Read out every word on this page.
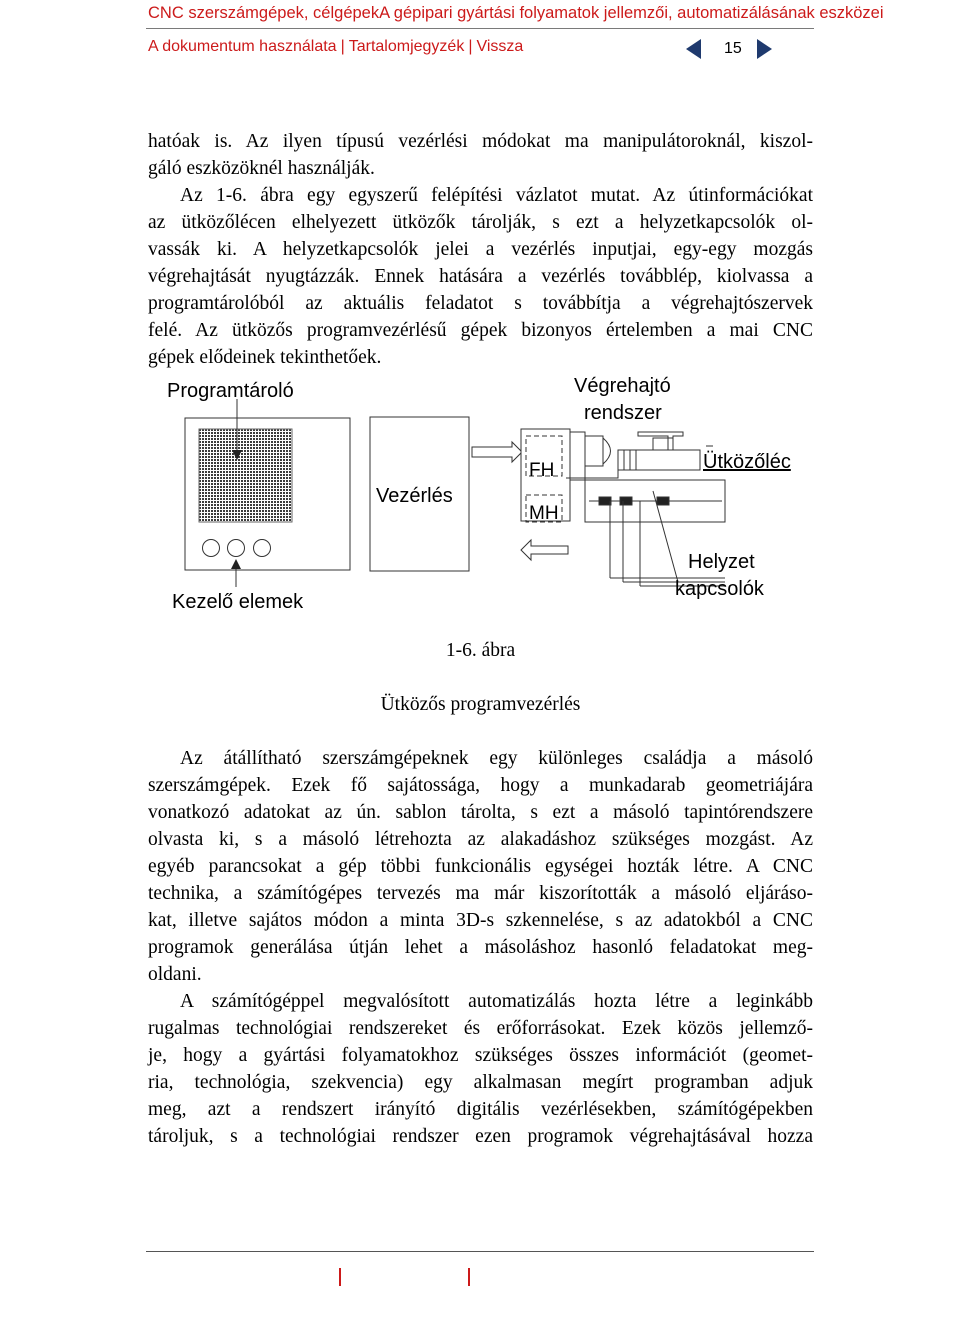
CNC szerszámgépek, célgépekA gépipari gyártási folyamatok jellemzői, automatizálásának eszközei
A dokumentum használata | Tartalomjegyzék | Vissza	15
hatóak is. Az ilyen típusú vezérlési módokat ma manipulátoroknál, kiszol-
gáló eszközöknél használják.
Az 1-6. ábra egy egyszerű felépítési vázlatot mutat. Az útinformációkat
az ütközőlécen elhelyezett ütközők tárolják, s ezt a helyzetkapcsolók ol-
vassák ki. A helyzetkapcsolók jelei a vezérlés inputjai, egy-egy mozgás
végrehajtását nyugtázzák. Ennek hatására a vezérlés továbblép, kiolvassa a
programtárolóból az aktuális feladatot s továbbítja a végrehajtószervek
felé. Az ütközős programvezérlésű gépek bizonyos értelemben a mai CNC
gépek elődeinek tekinthetőek.
Programtároló	Végrehajtó
rendszer
Ütközőléc
Vezérlés
FH
MH
Helyzet
kapcsolók
Kezelő elemek
1-6. ábra
Ütközős programvezérlés
Az átállítható szerszámgépeknek egy különleges családja a másoló
szerszámgépek. Ezek fő sajátossága, hogy a munkadarab geometriájára
vonatkozó adatokat az ún. sablon tárolta, s ezt a másoló tapintórendszere
olvasta ki, s a másoló létrehozta az alakadáshoz szükséges mozgást. Az
egyéb parancsokat a gép többi funkcionális egységei hozták létre. A CNC
technika, a számítógépes tervezés ma már kiszorították a másoló eljáráso-
kat, illetve sajátos módon a minta 3D-s szkennelése, s az adatokból a CNC
programok generálása útján lehet a másoláshoz hasonló feladatokat meg-
oldani.
A számítógéppel megvalósított automatizálás hozta létre a leginkább
rugalmas technológiai rendszereket és erőforrásokat. Ezek közös jellemző-
je, hogy a gyártási folyamatokhoz szükséges összes információt (geomet-
ria, technológia, szekvencia) egy alkalmasan megírt programban adjuk
meg, azt a rendszert irányító digitális vezérlésekben, számítógépekben
tároljuk, s a technológiai rendszer ezen programok végrehajtásával hozza
